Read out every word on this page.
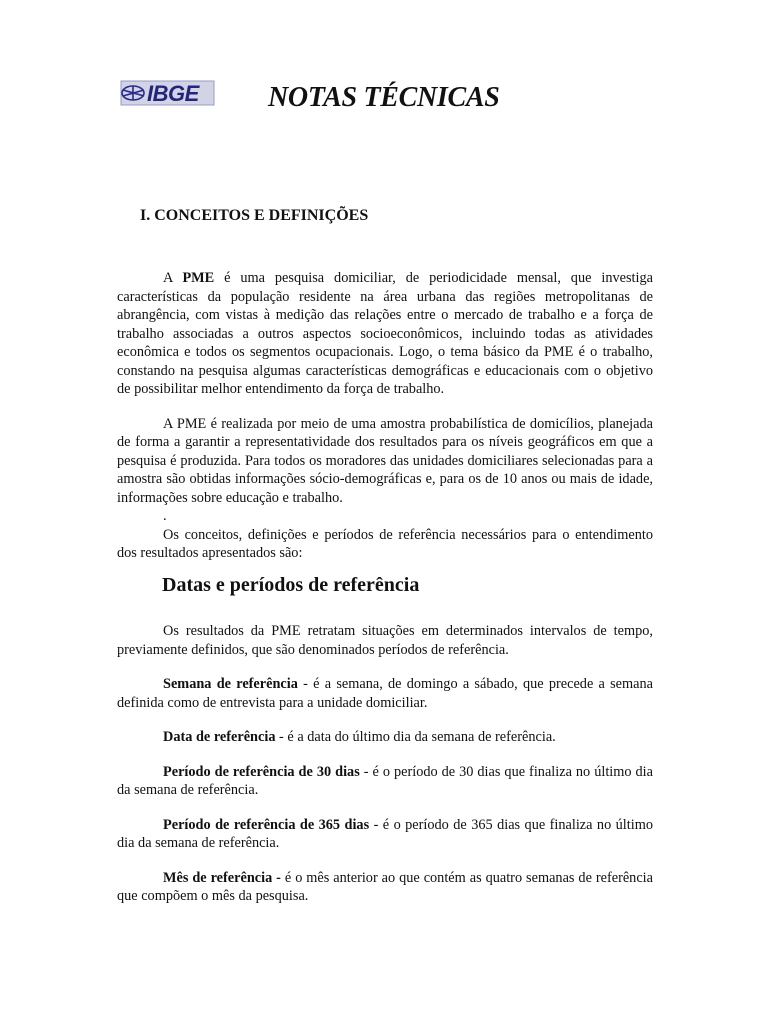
IBGE NOTAS TÉCNICAS
I. CONCEITOS E DEFINIÇÕES

A PME é uma pesquisa domiciliar, de periodicidade mensal, que investiga características da população residente na área urbana das regiões metropolitanas de abrangência, com vistas à medição das relações entre o mercado de trabalho e a força de trabalho associadas a outros aspectos socioeconômicos, incluindo todas as atividades econômica e todos os segmentos ocupacionais. Logo, o tema básico da PME é o trabalho, constando na pesquisa algumas características demográficas e educacionais com o objetivo de possibilitar melhor entendimento da força de trabalho.

A PME é realizada por meio de uma amostra probabilística de domicílios, planejada de forma a garantir a representatividade dos resultados para os níveis geográficos em que a pesquisa é produzida. Para todos os moradores das unidades domiciliares selecionadas para a amostra são obtidas informações sócio-demográficas e, para os de 10 anos ou mais de idade, informações sobre educação e trabalho.

.

Os conceitos, definições e períodos de referência necessários para o entendimento dos resultados apresentados são:

Datas e períodos de referência

Os resultados da PME retratam situações em determinados intervalos de tempo, previamente definidos, que são denominados períodos de referência.

Semana de referência - é a semana, de domingo a sábado, que precede a semana definida como de entrevista para a unidade domiciliar.

Data de referência - é a data do último dia da semana de referência.

Período de referência de 30 dias - é o período de 30 dias que finaliza no último dia da semana de referência.

Período de referência de 365 dias - é o período de 365 dias que finaliza no último dia da semana de referência.

Mês de referência - é o mês anterior ao que contém as quatro semanas de referência que compõem o mês da pesquisa.
